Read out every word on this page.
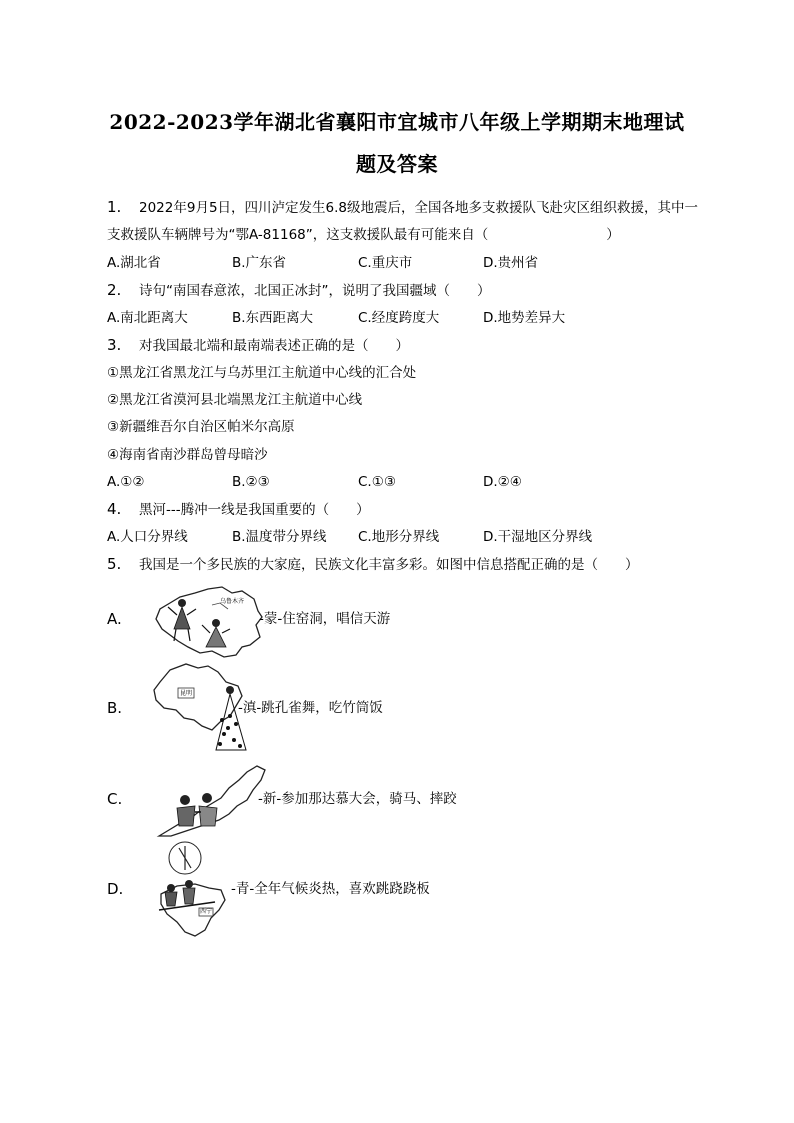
2022-2023学年湖北省襄阳市宜城市八年级上学期期末地理试
题及答案
1. 2022年9月5日，四川泸定发生6.8级地震后，全国各地多支救援队飞赴灾区组织救援，其中一
支救援队车辆牌号为“鄂A-81168”，这支救援队最有可能来自（	）
A.湖北省	B.广东省	C.重庆市	D.贵州省
2. 诗句“南国春意浓，北国正冰封”，说明了我国疆域（　　）
A.南北距离大	B.东西距离大	C.经度跨度大	D.地势差异大
3. 对我国最北端和最南端表述正确的是（　　）
①黑龙江省黑龙江与乌苏里江主航道中心线的汇合处
②黑龙江省漠河县北端黑龙江主航道中心线
③新疆维吾尔自治区帕米尔高原
④海南省南沙群岛曾母暗沙
A.①②	B.②③	C.①③	D.②④
4. 黑河---腾冲一线是我国重要的（　　）
A.人口分界线	B.温度带分界线 C.地形分界线	D.干湿地区分界线
5. 我国是一个多民族的大家庭，民族文化丰富多彩。如图中信息搭配正确的是（　　）
A.
乌鲁木齐
-蒙-住窑洞，唱信天游
B.
昆明
-滇-跳孔雀舞，吃竹筒饭
C.	-新-参加那达慕大会，骑马、摔跤
D.
西宁
-青-全年气候炎热，喜欢跳跷跷板
